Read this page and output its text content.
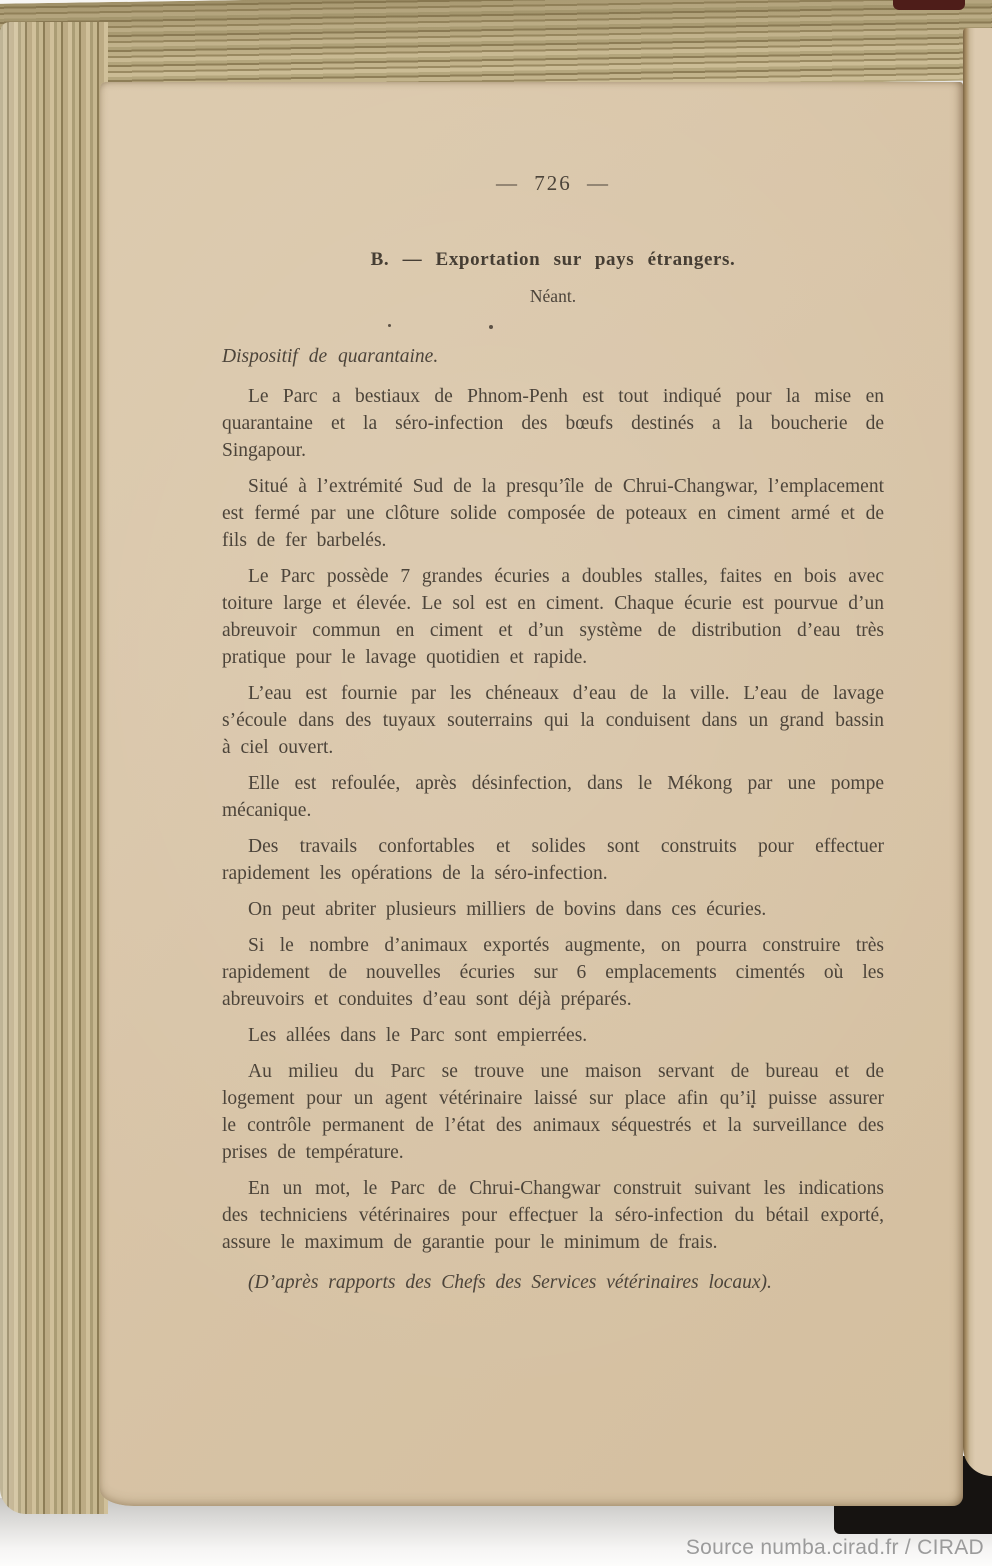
— 726 —
B. — Exportation sur pays étrangers.
Néant.
Dispositif de quarantaine.

Le Parc a bestiaux de Phnom-Penh est tout indiqué pour la mise en quarantaine et la séro-infection des bœufs destinés a la boucherie de Singapour.

Situé à l’extrémité Sud de la presqu’île de Chrui-Changwar, l’emplacement est fermé par une clôture solide composée de poteaux en ciment armé et de fils de fer barbelés.

Le Parc possède 7 grandes écuries a doubles stalles, faites en bois avec toiture large et élevée. Le sol est en ciment. Chaque écurie est pourvue d’un abreuvoir commun en ciment et d’un système de distribution d’eau très pratique pour le lavage quotidien et rapide.

L’eau est fournie par les chéneaux d’eau de la ville. L’eau de lavage s’écoule dans des tuyaux souterrains qui la conduisent dans un grand bassin à ciel ouvert.

Elle est refoulée, après désinfection, dans le Mékong par une pompe mécanique.

Des travails confortables et solides sont construits pour effectuer rapidement les opérations de la séro-infection.

On peut abriter plusieurs milliers de bovins dans ces écuries.

Si le nombre d’animaux exportés augmente, on pourra construire très rapidement de nouvelles écuries sur 6 emplacements cimentés où les abreuvoirs et conduites d’eau sont déjà préparés.

Les allées dans le Parc sont empierrées.

Au milieu du Parc se trouve une maison servant de bureau et de logement pour un agent vétérinaire laissé sur place afin qu’il puisse assurer le contrôle permanent de l’état des animaux séquestrés et la surveillance des prises de température.

En un mot, le Parc de Chrui-Changwar construit suivant les indications des techniciens vétérinaires pour effectuer la séro-infection du bétail exporté, assure le maximum de garantie pour le minimum de frais.

(D’après rapports des Chefs des Services vétérinaires locaux).

Source numba.cirad.fr / CIRAD
